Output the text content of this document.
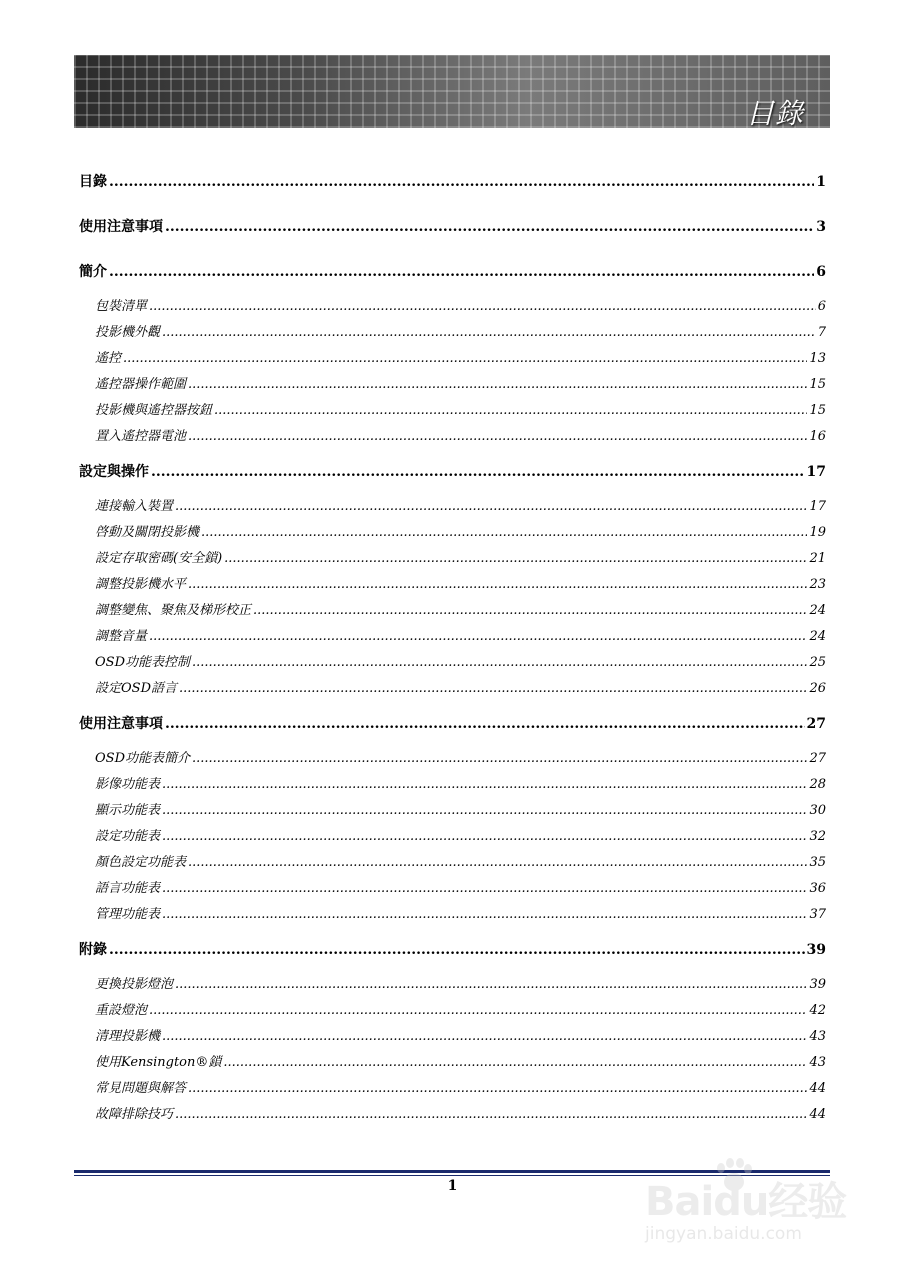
目錄
目錄 .....	1
使用注意事項 .....	3
簡介 .....	6
包裝清單 .....	6
投影機外觀 .....	7
遙控 .....	13
遙控器操作範圍 .....	15
投影機與遙控器按鈕 .....	15
置入遙控器電池 .....	16
設定與操作 .....	17
連接輸入裝置 .....	17
啓動及關閉投影機 .....	19
設定存取密碼(安全鎖) .....	21
調整投影機水平 .....	23
調整變焦、聚焦及梯形校正 .....	24
調整音量 .....	24
OSD功能表控制 .....	25
設定OSD語言 .....	26
使用注意事項 .....	27
OSD功能表簡介 .....	27
影像功能表 .....	28
顯示功能表 .....	30
設定功能表 .....	32
顏色設定功能表 .....	35
語言功能表 .....	36
管理功能表 .....	37
附錄 .....	39
更換投影燈泡 .....	39
重設燈泡 .....	42
清理投影機 .....	43
使用Kensington®鎖 .....	43
常見問題與解答 .....	44
故障排除技巧 .....	44
1	Baidu经验
jingyan.baidu.com
